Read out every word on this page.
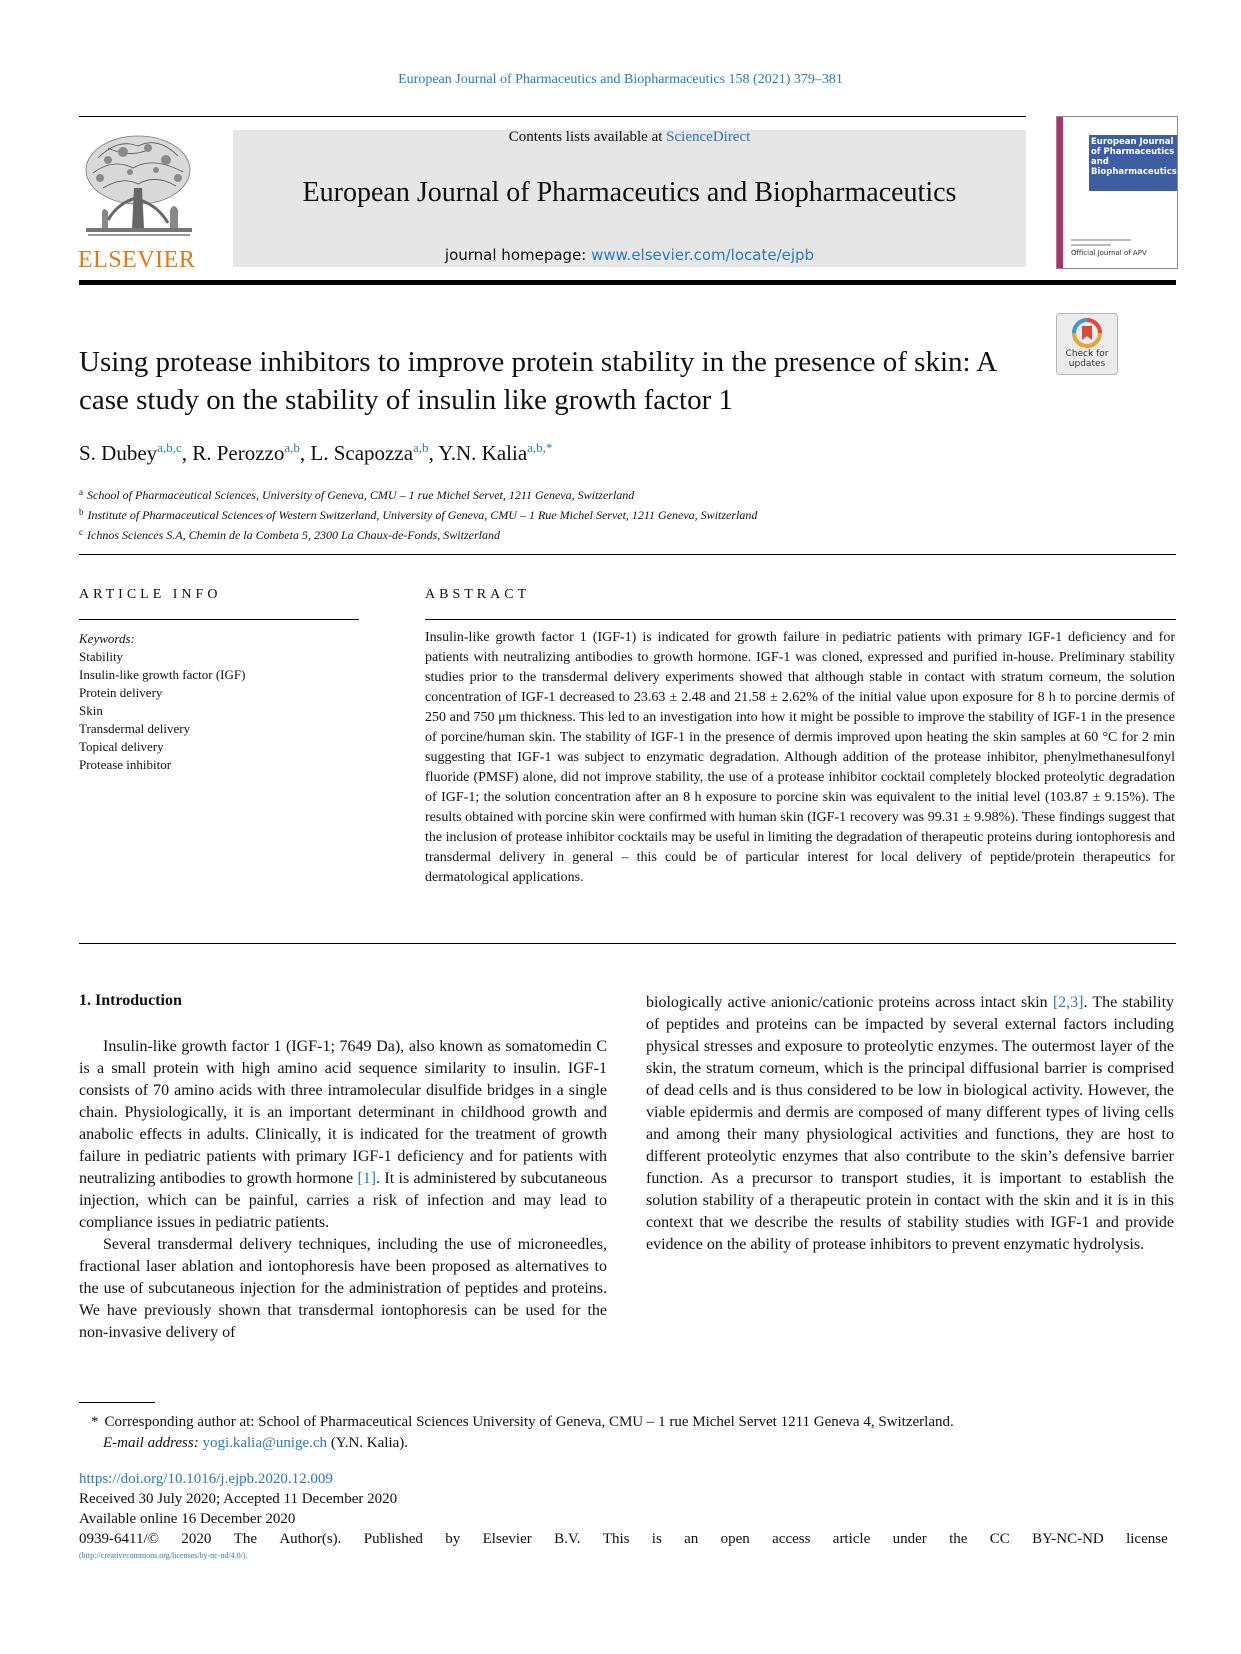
European Journal of Pharmaceutics and Biopharmaceutics 158 (2021) 379–381
ELSEVIER
Contents lists available at ScienceDirect
European Journal of Pharmaceutics and Biopharmaceutics
journal homepage: www.elsevier.com/locate/ejpb
European Journal of Pharmaceutics and Biopharmaceutics
Official Journal of APV
Check for updates
Using protease inhibitors to improve protein stability in the presence of skin: A case study on the stability of insulin like growth factor 1
S. Dubey$^{a,b,c}$, R. Perozzo$^{a,b}$, L. Scapozza$^{a,b}$, Y.N. Kalia$^{a,b,*}$
$^a$ School of Pharmaceutical Sciences, University of Geneva, CMU – 1 rue Michel Servet, 1211 Geneva, Switzerland
$^b$ Institute of Pharmaceutical Sciences of Western Switzerland, University of Geneva, CMU – 1 Rue Michel Servet, 1211 Geneva, Switzerland
$^c$ Ichnos Sciences S.A, Chemin de la Combeta 5, 2300 La Chaux-de-Fonds, Switzerland
ARTICLE INFO
Keywords:
Stability
Insulin-like growth factor (IGF)
Protein delivery
Skin
Transdermal delivery
Topical delivery
Protease inhibitor
ABSTRACT
Insulin-like growth factor 1 (IGF-1) is indicated for growth failure in pediatric patients with primary IGF-1 deficiency and for patients with neutralizing antibodies to growth hormone. IGF-1 was cloned, expressed and purified in-house. Preliminary stability studies prior to the transdermal delivery experiments showed that although stable in contact with stratum corneum, the solution concentration of IGF-1 decreased to 23.63 ± 2.48 and 21.58 ± 2.62% of the initial value upon exposure for 8 h to porcine dermis of 250 and 750 μm thickness. This led to an investigation into how it might be possible to improve the stability of IGF-1 in the presence of porcine/human skin. The stability of IGF-1 in the presence of dermis improved upon heating the skin samples at 60 °C for 2 min suggesting that IGF-1 was subject to enzymatic degradation. Although addition of the protease inhibitor, phenylmethanesulfonyl fluoride (PMSF) alone, did not improve stability, the use of a protease inhibitor cocktail completely blocked proteolytic degradation of IGF-1; the solution concentration after an 8 h exposure to porcine skin was equivalent to the initial level (103.87 ± 9.15%). The results obtained with porcine skin were confirmed with human skin (IGF-1 recovery was 99.31 ± 9.98%). These findings suggest that the inclusion of protease inhibitor cocktails may be useful in limiting the degradation of therapeutic proteins during iontophoresis and transdermal delivery in general – this could be of particular interest for local delivery of peptide/protein therapeutics for dermatological applications.
1. Introduction

Insulin-like growth factor 1 (IGF-1; 7649 Da), also known as somatomedin C is a small protein with high amino acid sequence similarity to insulin. IGF-1 consists of 70 amino acids with three intramolecular disulfide bridges in a single chain. Physiologically, it is an important determinant in childhood growth and anabolic effects in adults. Clinically, it is indicated for the treatment of growth failure in pediatric patients with primary IGF-1 deficiency and for patients with neutralizing antibodies to growth hormone [1]. It is administered by subcutaneous injection, which can be painful, carries a risk of infection and may lead to compliance issues in pediatric patients.

Several transdermal delivery techniques, including the use of microneedles, fractional laser ablation and iontophoresis have been proposed as alternatives to the use of subcutaneous injection for the administration of peptides and proteins. We have previously shown that transdermal iontophoresis can be used for the non-invasive delivery of

biologically active anionic/cationic proteins across intact skin [2,3]. The stability of peptides and proteins can be impacted by several external factors including physical stresses and exposure to proteolytic enzymes. The outermost layer of the skin, the stratum corneum, which is the principal diffusional barrier is comprised of dead cells and is thus considered to be low in biological activity. However, the viable epidermis and dermis are composed of many different types of living cells and among their many physiological activities and functions, they are host to different proteolytic enzymes that also contribute to the skin’s defensive barrier function. As a precursor to transport studies, it is important to establish the solution stability of a therapeutic protein in contact with the skin and it is in this context that we describe the results of stability studies with IGF-1 and provide evidence on the ability of protease inhibitors to prevent enzymatic hydrolysis.

* Corresponding author at: School of Pharmaceutical Sciences University of Geneva, CMU – 1 rue Michel Servet 1211 Geneva 4, Switzerland.
E-mail address: yogi.kalia@unige.ch (Y.N. Kalia).
https://doi.org/10.1016/j.ejpb.2020.12.009
Received 30 July 2020; Accepted 11 December 2020
Available online 16 December 2020
0939-6411/© 2020 The Author(s). Published by Elsevier B.V. This is an open access article under the CC BY-NC-ND license
(http://creativecommons.org/licenses/by-nc-nd/4.0/).
